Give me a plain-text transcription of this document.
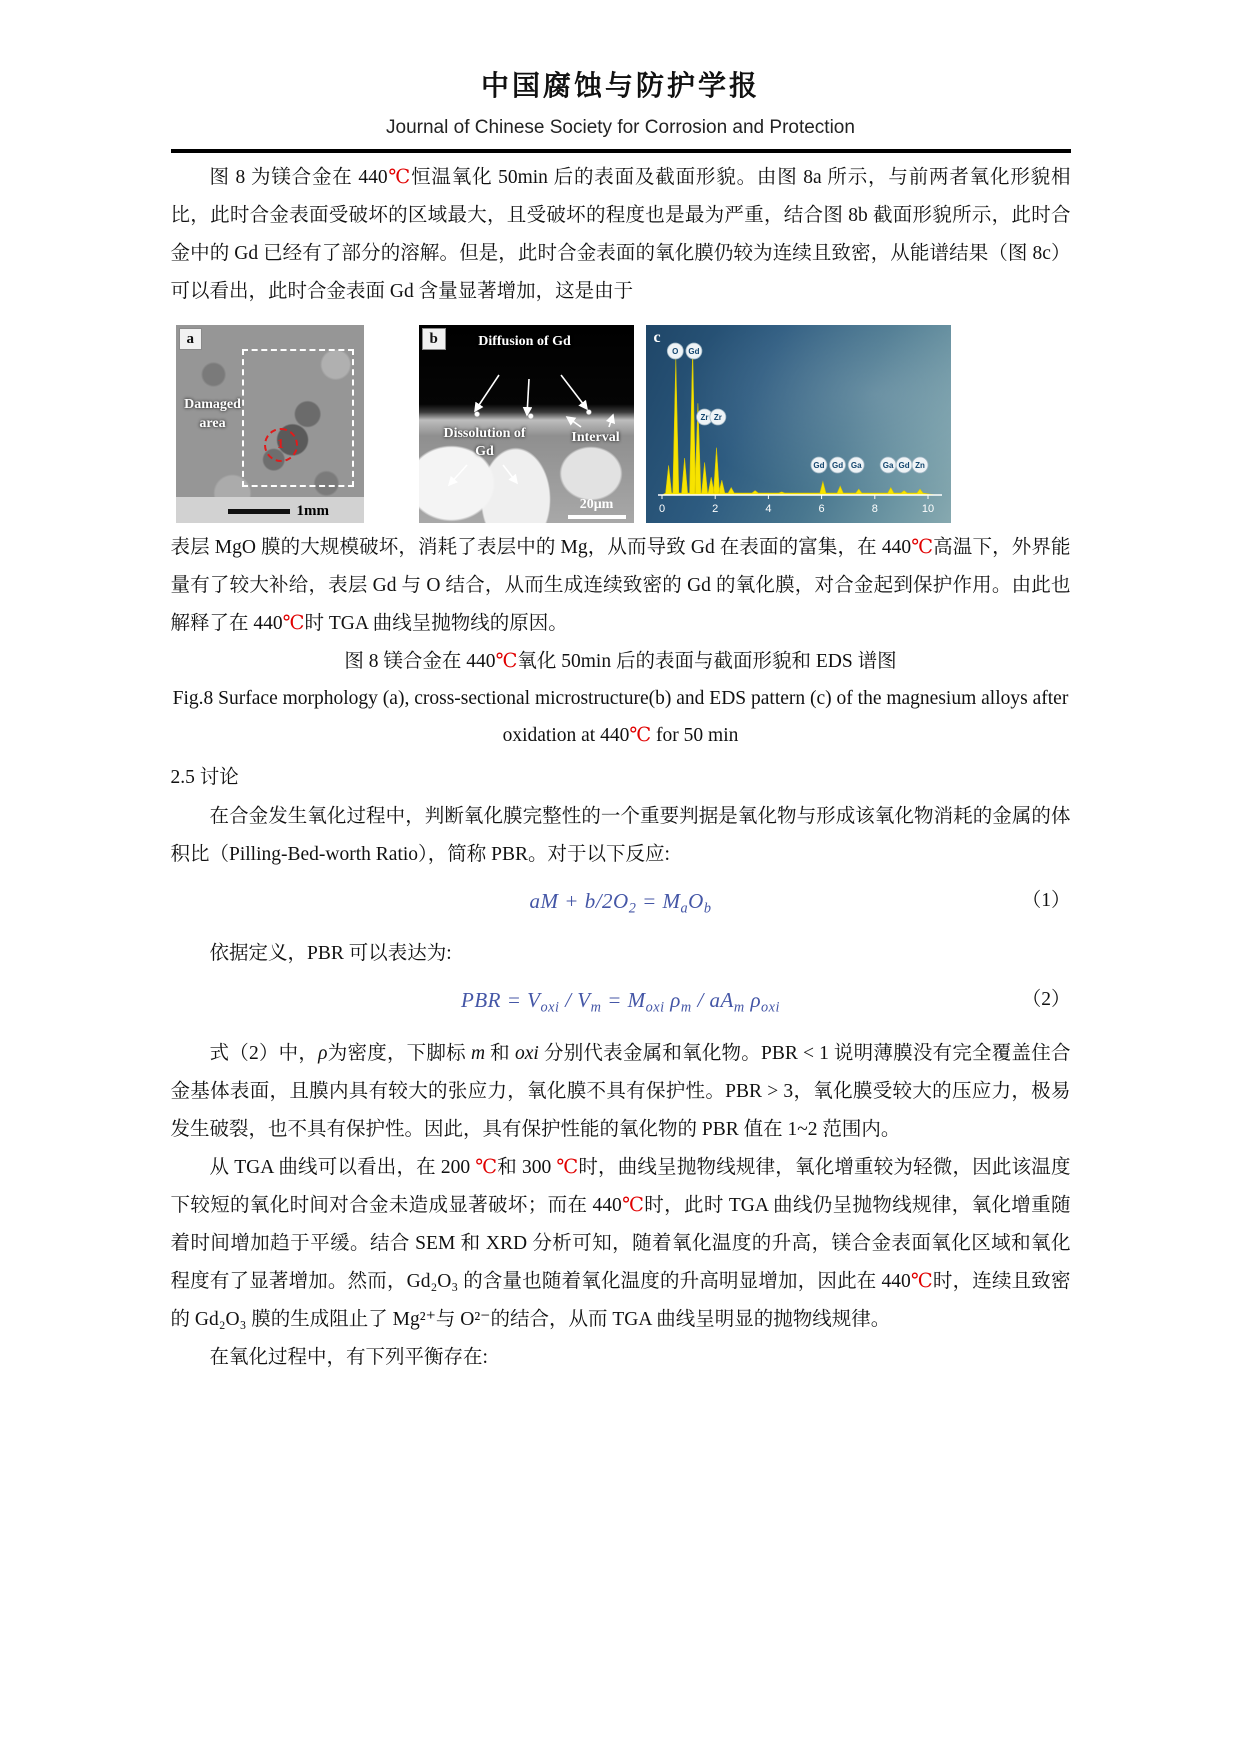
中国腐蚀与防护学报
Journal of Chinese Society for Corrosion and Protection

图 8 为镁合金在 440℃恒温氧化 50min 后的表面及截面形貌。由图 8a 所示，与前两者氧化形貌相比，此时合金表面受破坏的区域最大，且受破坏的程度也是最为严重，结合图 8b 截面形貌所示，此时合金中的 Gd 已经有了部分的溶解。但是，此时合金表面的氧化膜仍较为连续且致密，从能谱结果（图 8c）可以看出，此时合金表面 Gd 含量显著增加，这是由于

a
Damaged area
1
1mm
b	Diffusion of Gd
Dissolution of Gd
Interval
20μm
c
0	2	4	6	8	10
O Gd
Zr Zr
Gd Gd Ga	Ga Gd Zn

表层 MgO 膜的大规模破坏，消耗了表层中的 Mg，从而导致 Gd 在表面的富集，在 440℃高温下，外界能量有了较大补给，表层 Gd 与 O 结合，从而生成连续致密的 Gd 的氧化膜，对合金起到保护作用。由此也解释了在 440℃时 TGA 曲线呈抛物线的原因。

图 8 镁合金在 440℃氧化 50min 后的表面与截面形貌和 EDS 谱图

Fig.8 Surface morphology (a), cross-sectional microstructure(b) and EDS pattern (c) of the magnesium alloys after oxidation at 440℃ for 50 min

2.5 讨论

在合金发生氧化过程中，判断氧化膜完整性的一个重要判据是氧化物与形成该氧化物消耗的金属的体积比（Pilling-Bed-worth Ratio），简称 PBR。对于以下反应:

aM + $b/2O_2 = M_aO_b$	（1）

依据定义，PBR 可以表达为:

PBR = $V_{oxi} / V_m = M_{oxi}$ $\rho_m / aA_m$ $\rho_{oxi}$	（2）

式（2）中，ρ为密度，下脚标 m 和 oxi 分别代表金属和氧化物。PBR < 1 说明薄膜没有完全覆盖住合金基体表面，且膜内具有较大的张应力，氧化膜不具有保护性。PBR > 3，氧化膜受较大的压应力，极易发生破裂，也不具有保护性。因此，具有保护性能的氧化物的 PBR 值在 1~2 范围内。

从 TGA 曲线可以看出，在 200 ℃和 300 ℃时，曲线呈抛物线规律，氧化增重较为轻微，因此该温度下较短的氧化时间对合金未造成显著破坏；而在 440℃时，此时 TGA 曲线仍呈抛物线规律，氧化增重随着时间增加趋于平缓。结合 SEM 和 XRD 分析可知，随着氧化温度的升高，镁合金表面氧化区域和氧化程度有了显著增加。然而，Gd₂O₃ 的含量也随着氧化温度的升高明显增加，因此在 440℃时，连续且致密的 Gd₂O₃ 膜的生成阻止了 Mg²⁺与 O²⁻的结合，从而 TGA 曲线呈明显的抛物线规律。

在氧化过程中，有下列平衡存在:
